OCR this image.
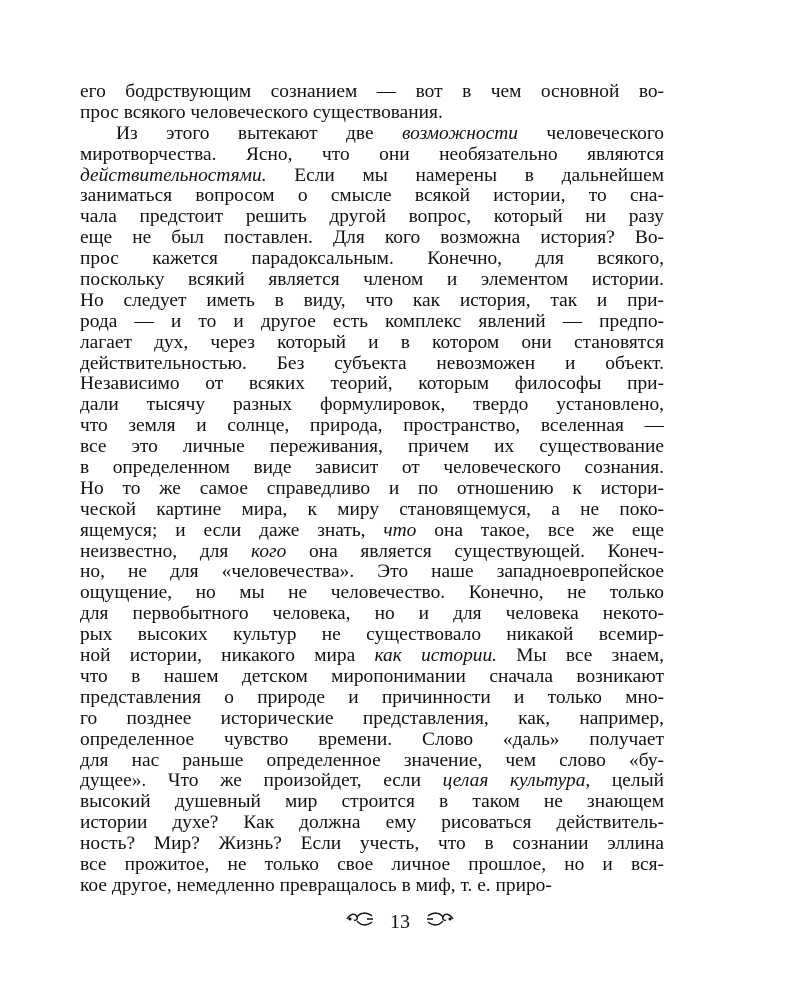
его бодрствующим сознанием — вот в чем основной во-
прос всякого человеческого существования.
Из этого вытекают две возможности человеческого
миротворчества. Ясно, что они необязательно являются
действительностями. Если мы намерены в дальнейшем
заниматься вопросом о смысле всякой истории, то сна-
чала предстоит решить другой вопрос, который ни разу
еще не был поставлен. Для кого возможна история? Во-
прос кажется парадоксальным. Конечно, для всякого,
поскольку всякий является членом и элементом истории.
Но следует иметь в виду, что как история, так и при-
рода — и то и другое есть комплекс явлений — предпо-
лагает дух, через который и в котором они становятся
действительностью. Без субъекта невозможен и объект.
Независимо от всяких теорий, которым философы при-
дали тысячу разных формулировок, твердо установлено,
что земля и солнце, природа, пространство, вселенная —
все это личные переживания, причем их существование
в определенном виде зависит от человеческого сознания.
Но то же самое справедливо и по отношению к истори-
ческой картине мира, к миру становящемуся, а не поко-
ящемуся; и если даже знать, что она такое, все же еще
неизвестно, для кого она является существующей. Конеч-
но, не для «человечества». Это наше западноевропейское
ощущение, но мы не человечество. Конечно, не только
для первобытного человека, но и для человека некото-
рых высоких культур не существовало никакой всемир-
ной истории, никакого мира как истории. Мы все знаем,
что в нашем детском миропонимании сначала возникают
представления о природе и причинности и только мно-
го позднее исторические представления, как, например,
определенное чувство времени. Слово «даль» получает
для нас раньше определенное значение, чем слово «бу-
дущее». Что же произойдет, если целая культура, целый
высокий душевный мир строится в таком не знающем
истории духе? Как должна ему рисоваться действитель-
ность? Мир? Жизнь? Если учесть, что в сознании эллина
все прожитое, не только свое личное прошлое, но и вся-
кое другое, немедленно превращалось в миф, т. е. приро-
13
